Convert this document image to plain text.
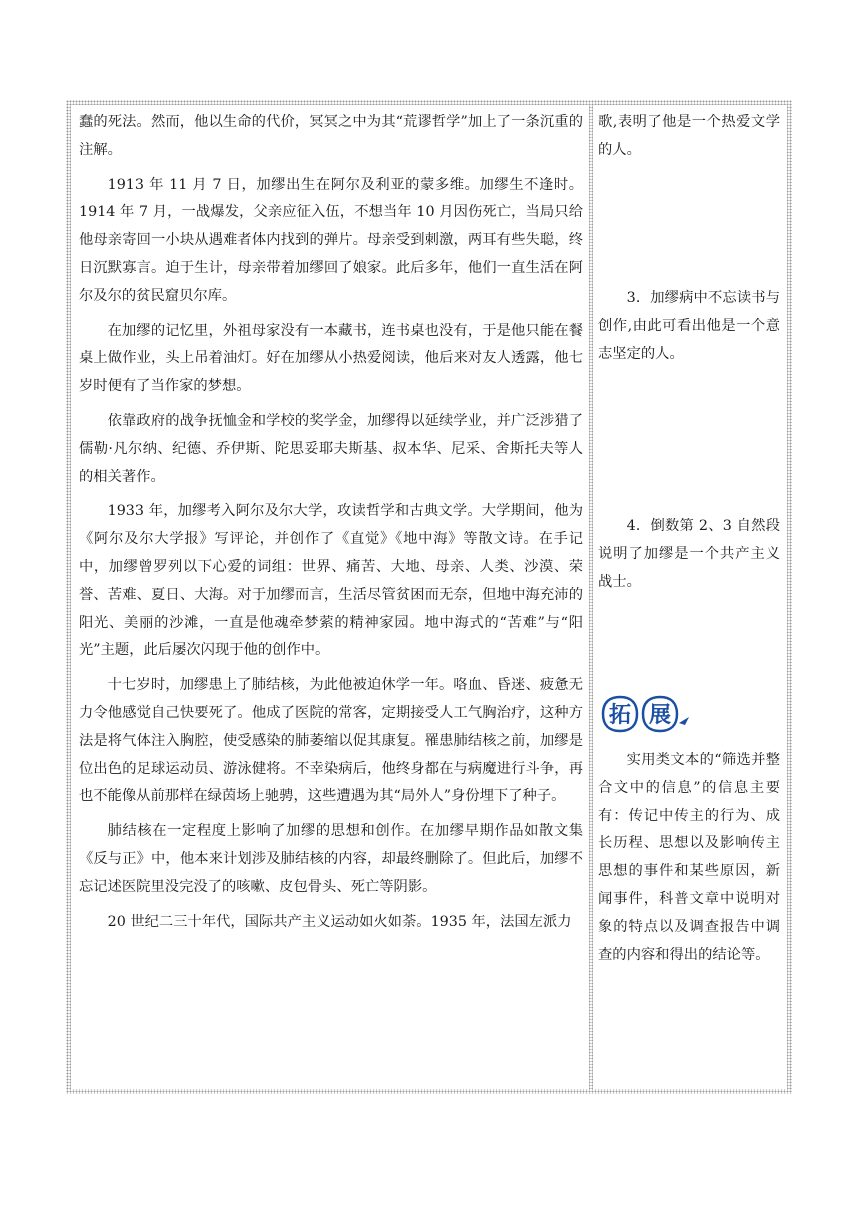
蠢的死法。然而，他以生命的代价，冥冥之中为其“荒谬哲学”加上了一条沉重的注解。

1913 年 11 月 7 日，加缪出生在阿尔及利亚的蒙多维。加缪生不逢时。1914 年 7 月，一战爆发，父亲应征入伍，不想当年 10 月因伤死亡，当局只给他母亲寄回一小块从遇难者体内找到的弹片。母亲受到刺激，两耳有些失聪，终日沉默寡言。迫于生计，母亲带着加缪回了娘家。此后多年，他们一直生活在阿尔及尔的贫民窟贝尔库。

在加缪的记忆里，外祖母家没有一本藏书，连书桌也没有，于是他只能在餐桌上做作业，头上吊着油灯。好在加缪从小热爱阅读，他后来对友人透露，他七岁时便有了当作家的梦想。

依靠政府的战争抚恤金和学校的奖学金，加缪得以延续学业，并广泛涉猎了儒勒·凡尔纳、纪德、乔伊斯、陀思妥耶夫斯基、叔本华、尼采、舍斯托夫等人的相关著作。

1933 年，加缪考入阿尔及尔大学，攻读哲学和古典文学。大学期间，他为《阿尔及尔大学报》写评论，并创作了《直觉》《地中海》等散文诗。在手记中，加缪曾罗列以下心爱的词组：世界、痛苦、大地、母亲、人类、沙漠、荣誉、苦难、夏日、大海。对于加缪而言，生活尽管贫困而无奈，但地中海充沛的阳光、美丽的沙滩，一直是他魂牵梦萦的精神家园。地中海式的“苦难”与“阳光”主题，此后屡次闪现于他的创作中。

十七岁时，加缪患上了肺结核，为此他被迫休学一年。咯血、昏迷、疲惫无力令他感觉自己快要死了。他成了医院的常客，定期接受人工气胸治疗，这种方法是将气体注入胸腔，使受感染的肺萎缩以促其康复。罹患肺结核之前，加缪是位出色的足球运动员、游泳健将。不幸染病后，他终身都在与病魔进行斗争，再也不能像从前那样在绿茵场上驰骋，这些遭遇为其“局外人”身份埋下了种子。

肺结核在一定程度上影响了加缪的思想和创作。在加缪早期作品如散文集《反与正》中，他本来计划涉及肺结核的内容，却最终删除了。但此后，加缪不忘记述医院里没完没了的咳嗽、皮包骨头、死亡等阴影。

20 世纪二三十年代，国际共产主义运动如火如荼。1935 年，法国左派力

歌,表明了他是一个热爱文学的人。

3．加缪病中不忘读书与创作,由此可看出他是一个意志坚定的人。

4．倒数第 2、3 自然段说明了加缪是一个共产主义战士。

拓 展

实用类文本的“筛选并整合文中的信息”的信息主要有：传记中传主的行为、成长历程、思想以及影响传主思想的事件和某些原因，新闻事件，科普文章中说明对象的特点以及调查报告中调查的内容和得出的结论等。
